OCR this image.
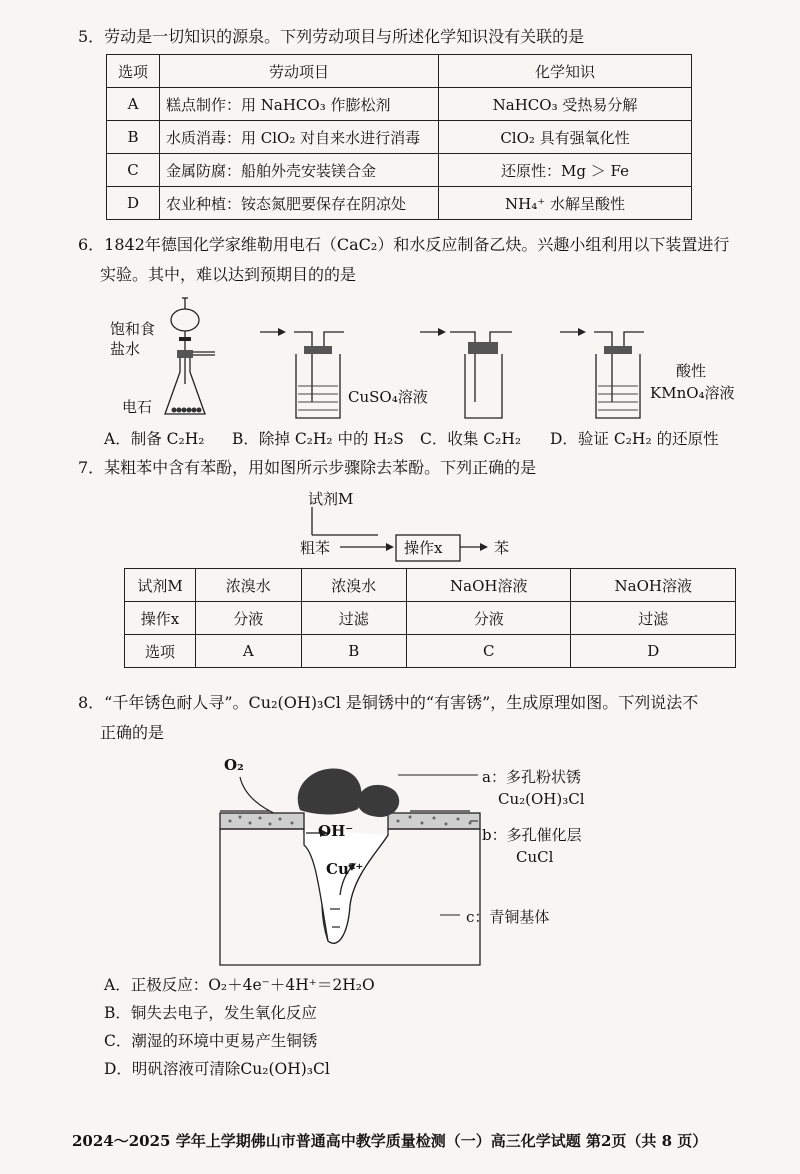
5．劳动是一切知识的源泉。下列劳动项目与所述化学知识没有关联的是
选项	劳动项目	化学知识
A	糕点制作：用 NaHCO₃ 作膨松剂	NaHCO₃ 受热易分解
B	水质消毒：用 ClO₂ 对自来水进行消毒	ClO₂ 具有强氧化性
C	金属防腐：船舶外壳安装镁合金	还原性：Mg ＞ Fe
D	农业种植：铵态氮肥要保存在阴凉处	NH₄⁺ 水解呈酸性
6．1842年德国化学家维勒用电石（CaC₂）和水反应制备乙炔。兴趣小组利用以下装置进行
实验。其中，难以达到预期目的的是
饱和食
盐水
电石
CuSO₄溶液
酸性
KMnO₄溶液
A．制备 C₂H₂ B．除掉 C₂H₂ 中的 H₂S C．收集 C₂H₂ D．验证 C₂H₂ 的还原性
7．某粗苯中含有苯酚，用如图所示步骤除去苯酚。下列正确的是
试剂M
粗苯	操作x	苯
试剂M	浓溴水	浓溴水	NaOH溶液	NaOH溶液
操作x	分液	过滤	分液	过滤
选项	A	B	C	D
8．“千年锈色耐人寻”。Cu₂(OH)₃Cl 是铜锈中的“有害锈”，生成原理如图。下列说法不
正确的是
O₂
OH⁻
Cu²⁺
a：多孔粉状锈
Cu₂(OH)₃Cl
b：多孔催化层
CuCl
c：青铜基体
A．正极反应：O₂＋4e⁻＋4H⁺＝2H₂O
B．铜失去电子，发生氧化反应
C．潮湿的环境中更易产生铜锈
D．明矾溶液可清除Cu₂(OH)₃Cl
2024～2025 学年上学期佛山市普通高中教学质量检测（一）高三化学试题 第2页（共 8 页）
